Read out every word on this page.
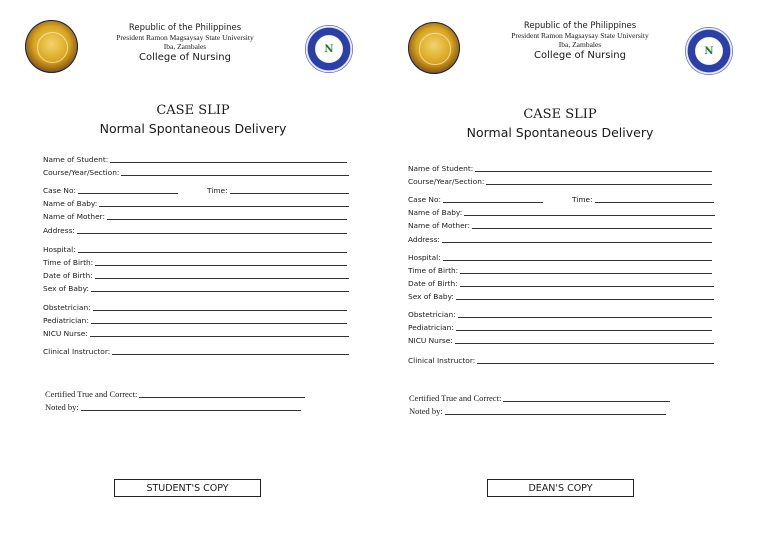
N
Republic of the Philippines
President Ramon Magsaysay State University
Iba, Zambales
College of Nursing
CASE SLIP
Normal Spontaneous Delivery
Name of Student:
Course/Year/Section:
Case No:	Time:
Name of Baby:
Name of Mother:
Address:
Hospital:
Time of Birth:
Date of Birth:
Sex of Baby:
Obstetrician:
Pediatrician:
NICU Nurse:
Clinical Instructor:
Certified True and Correct:
Noted by:
STUDENT'S COPY
N
Republic of the Philippines
President Ramon Magsaysay State University
Iba, Zambales
College of Nursing
CASE SLIP
Normal Spontaneous Delivery
Name of Student:
Course/Year/Section:
Case No:	Time:
Name of Baby:
Name of Mother:
Address:
Hospital:
Time of Birth:
Date of Birth:
Sex of Baby:
Obstetrician:
Pediatrician:
NICU Nurse:
Clinical Instructor:
Certified True and Correct:
Noted by:
DEAN'S COPY
